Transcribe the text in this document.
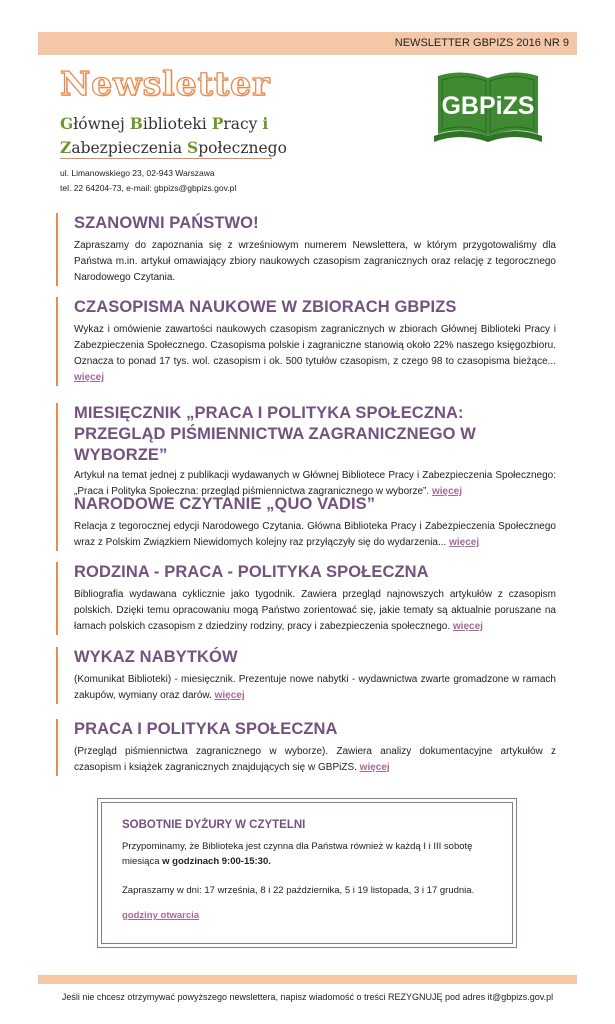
NEWSLETTER GBPIZS 2016 NR 9
Newsletter
Głównej Biblioteki Pracy i
Zabezpieczenia Społecznego
ul. Limanowskiego 23, 02-943 Warszawa
tel. 22 64204-73, e-mail: gbpizs@gbpizs.gov.pl
GBPiZS
SZANOWNI PAŃSTWO!

Zapraszamy do zapoznania się z wrześniowym numerem Newslettera, w którym przygotowaliśmy dla Państwa m.in. artykuł omawiający zbiory naukowych czasopism zagranicznych oraz relację z tegorocznego Narodowego Czytania.

CZASOPISMA NAUKOWE W ZBIORACH GBPIZS

Wykaz i omówienie zawartości naukowych czasopism zagranicznych w zbiorach Głównej Biblioteki Pracy i Zabezpieczenia Społecznego. Czasopisma polskie i zagraniczne stanowią około 22% naszego księgozbioru. Oznacza to ponad 17 tys. wol. czasopism i ok. 500 tytułów czasopism, z czego 98 to czasopisma bieżące... więcej

MIESIĘCZNIK „PRACA I POLITYKA SPOŁECZNA: PRZEGLĄD PIŚMIENNICTWA ZAGRANICZNEGO W WYBORZE”

Artykuł na temat jednej z publikacji wydawanych w Głównej Bibliotece Pracy i Zabezpieczenia Społecznego: „Praca i Polityka Społeczna: przegląd piśmiennictwa zagranicznego w wyborze”. więcej

NARODOWE CZYTANIE „QUO VADIS”

Relacja z tegorocznej edycji Narodowego Czytania. Główna Biblioteka Pracy i Zabezpieczenia Społecznego wraz z Polskim Związkiem Niewidomych kolejny raz przyłączyły się do wydarzenia... więcej

RODZINA - PRACA - POLITYKA SPOŁECZNA

Bibliografia wydawana cyklicznie jako tygodnik. Zawiera przegląd najnowszych artykułów z czasopism polskich. Dzięki temu opracowaniu mogą Państwo zorientować się, jakie tematy są aktualnie poruszane na łamach polskich czasopism z dziedziny rodziny, pracy i zabezpieczenia społecznego. więcej

WYKAZ NABYTKÓW

(Komunikat Biblioteki) - miesięcznik. Prezentuje nowe nabytki - wydawnictwa zwarte gromadzone w ramach zakupów, wymiany oraz darów. więcej

PRACA I POLITYKA SPOŁECZNA

(Przegląd piśmiennictwa zagranicznego w wyborze). Zawiera analizy dokumentacyjne artykułów z czasopism i książek zagranicznych znajdujących się w GBPiZS. więcej

SOBOTNIE DYŻURY W CZYTELNI

Przypominamy, że Biblioteka jest czynna dla Państwa również w każdą I i III sobotę miesiąca w godzinach 9:00-15:30.

Zapraszamy w dni: 17 września, 8 i 22 października, 5 i 19 listopada, 3 i 17 grudnia.

godziny otwarcia
Jeśli nie chcesz otrzymywać powyższego newslettera, napisz wiadomość o treści REZYGNUJĘ pod adres it@gbpizs.gov.pl
